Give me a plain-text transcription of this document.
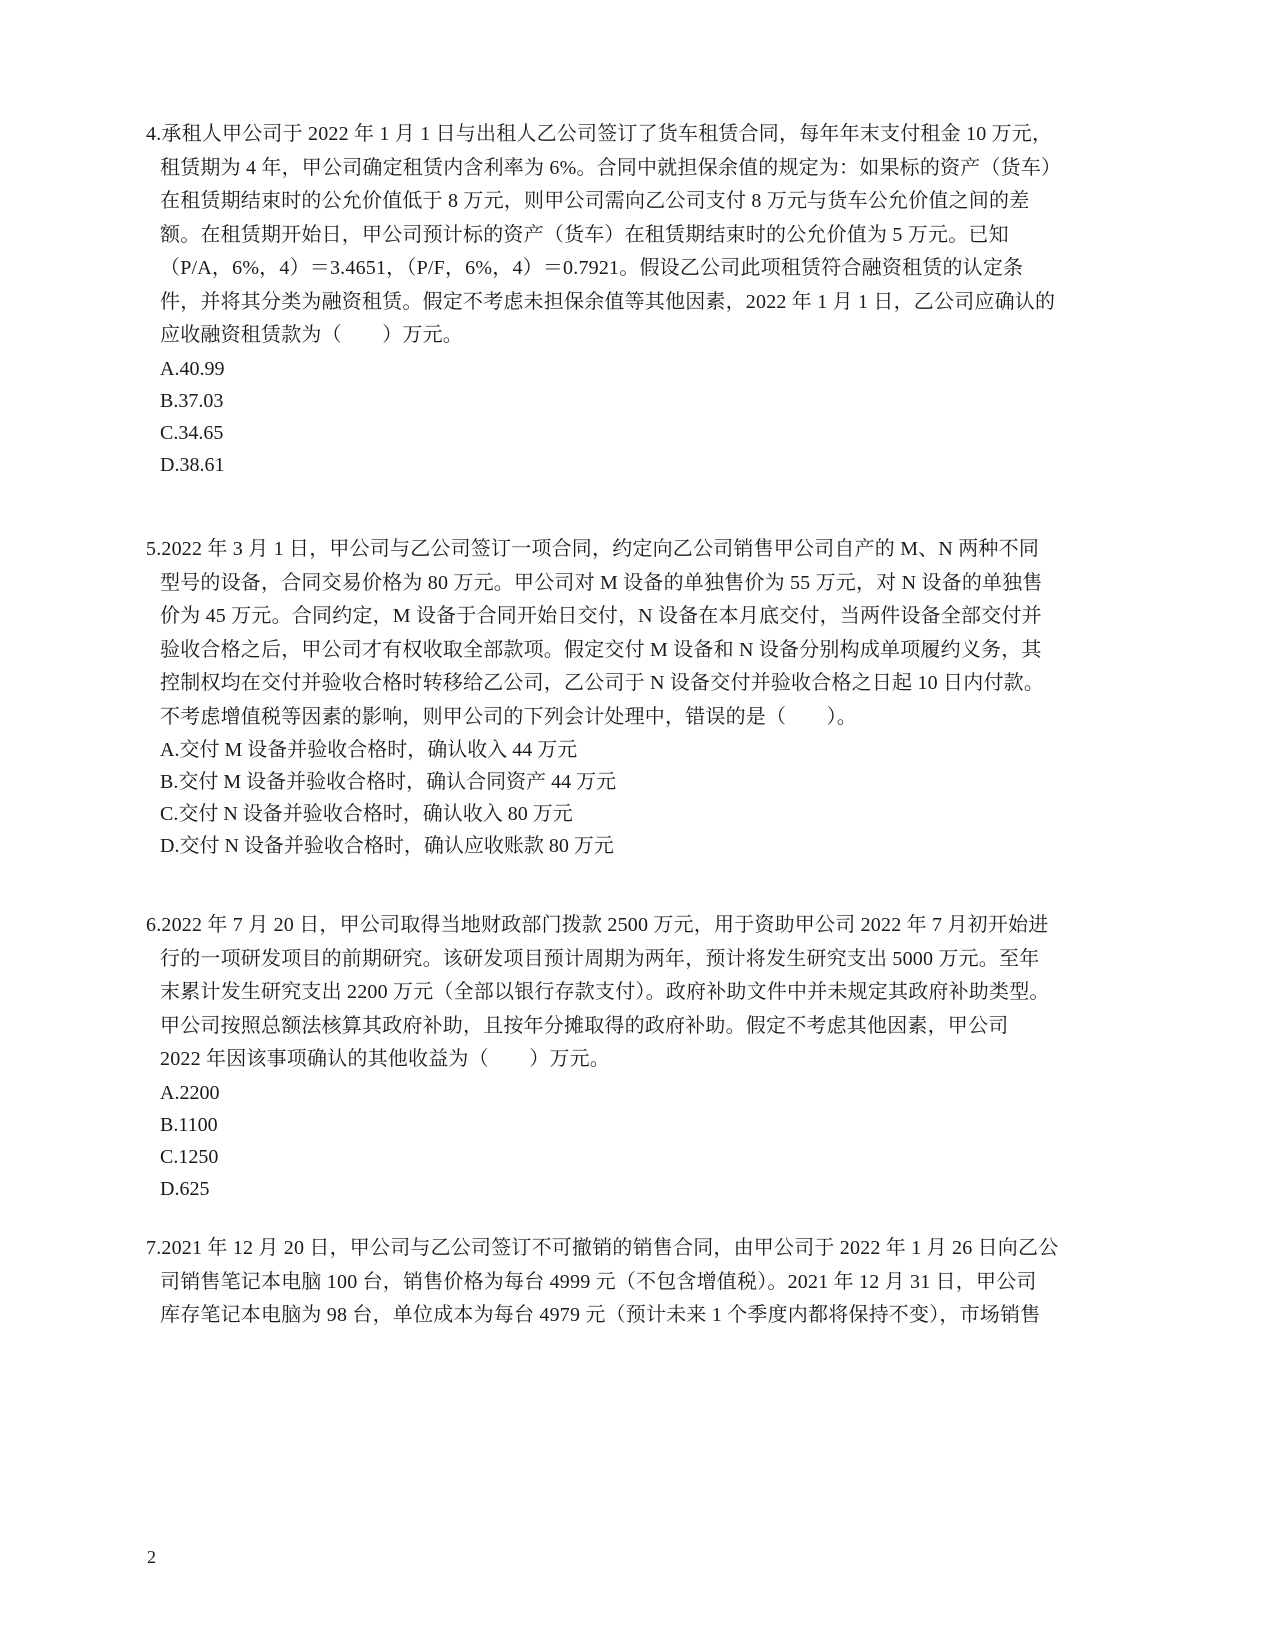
4.承租人甲公司于 2022 年 1 月 1 日与出租人乙公司签订了货车租赁合同，每年年末支付租金 10 万元，
租赁期为 4 年，甲公司确定租赁内含利率为 6%。合同中就担保余值的规定为：如果标的资产（货车）
在租赁期结束时的公允价值低于 8 万元，则甲公司需向乙公司支付 8 万元与货车公允价值之间的差
额。在租赁期开始日，甲公司预计标的资产（货车）在租赁期结束时的公允价值为 5 万元。已知
（P/A，6%，4）＝3.4651，（P/F，6%，4）＝0.7921。假设乙公司此项租赁符合融资租赁的认定条
件，并将其分类为融资租赁。假定不考虑未担保余值等其他因素，2022 年 1 月 1 日，乙公司应确认的
应收融资租赁款为（　　）万元。
A.40.99
B.37.03
C.34.65
D.38.61
5.2022 年 3 月 1 日，甲公司与乙公司签订一项合同，约定向乙公司销售甲公司自产的 M、N 两种不同
型号的设备，合同交易价格为 80 万元。甲公司对 M 设备的单独售价为 55 万元，对 N 设备的单独售
价为 45 万元。合同约定，M 设备于合同开始日交付，N 设备在本月底交付，当两件设备全部交付并
验收合格之后，甲公司才有权收取全部款项。假定交付 M 设备和 N 设备分别构成单项履约义务，其
控制权均在交付并验收合格时转移给乙公司，乙公司于 N 设备交付并验收合格之日起 10 日内付款。
不考虑增值税等因素的影响，则甲公司的下列会计处理中，错误的是（　　）。
A.交付 M 设备并验收合格时，确认收入 44 万元
B.交付 M 设备并验收合格时，确认合同资产 44 万元
C.交付 N 设备并验收合格时，确认收入 80 万元
D.交付 N 设备并验收合格时，确认应收账款 80 万元
6.2022 年 7 月 20 日，甲公司取得当地财政部门拨款 2500 万元，用于资助甲公司 2022 年 7 月初开始进
行的一项研发项目的前期研究。该研发项目预计周期为两年，预计将发生研究支出 5000 万元。至年
末累计发生研究支出 2200 万元（全部以银行存款支付）。政府补助文件中并未规定其政府补助类型。
甲公司按照总额法核算其政府补助，且按年分摊取得的政府补助。假定不考虑其他因素，甲公司
2022 年因该事项确认的其他收益为（　　）万元。
A.2200
B.1100
C.1250
D.625
7.2021 年 12 月 20 日，甲公司与乙公司签订不可撤销的销售合同，由甲公司于 2022 年 1 月 26 日向乙公
司销售笔记本电脑 100 台，销售价格为每台 4999 元（不包含增值税）。2021 年 12 月 31 日，甲公司
库存笔记本电脑为 98 台，单位成本为每台 4979 元（预计未来 1 个季度内都将保持不变），市场销售
2
